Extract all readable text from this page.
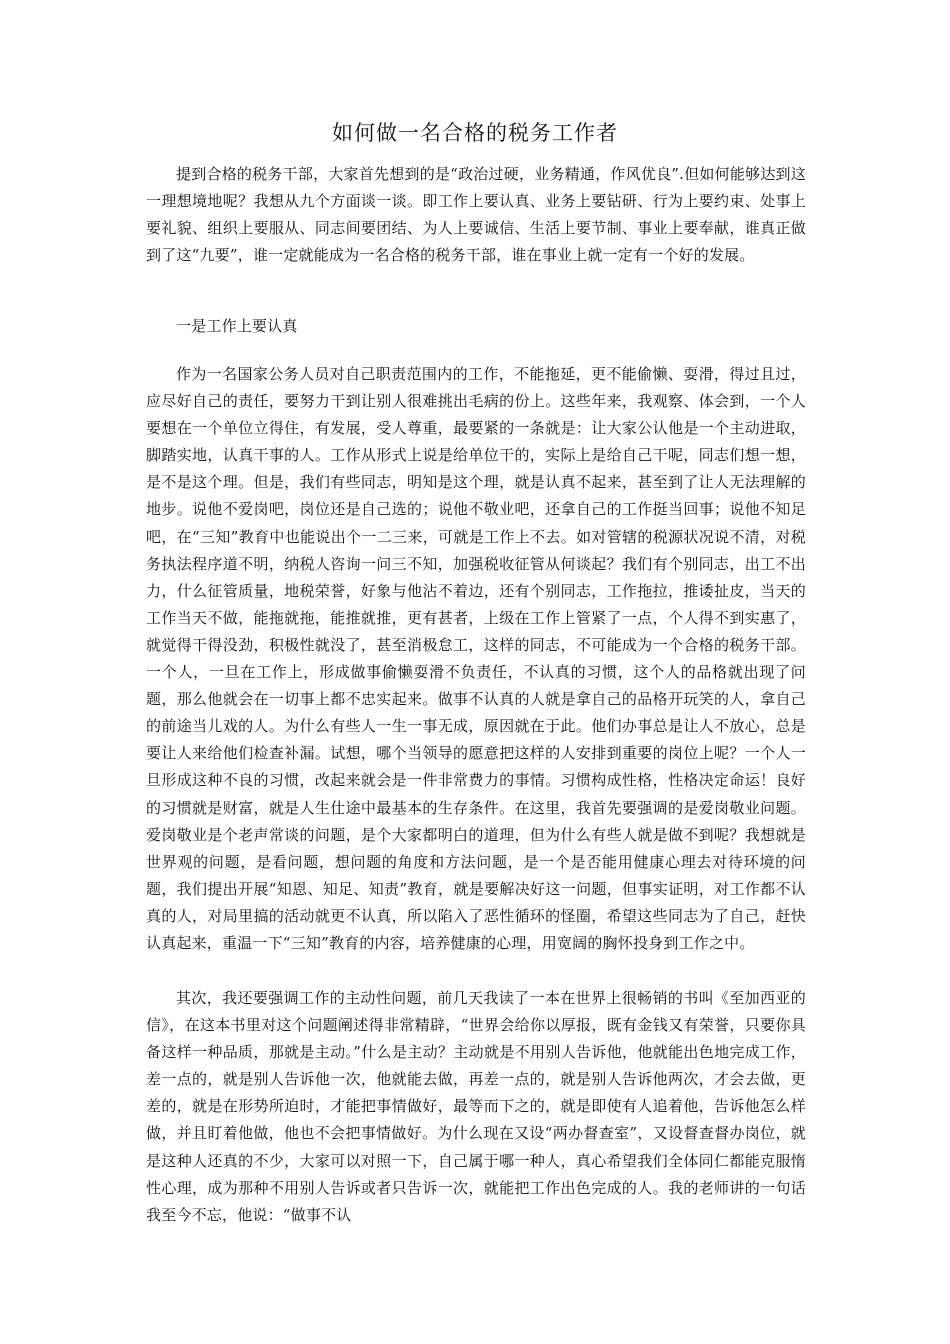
如何做一名合格的税务工作者

提到合格的税务干部，大家首先想到的是“政治过硬，业务精通，作风优良”.但如何能够达到这一理想境地呢？我想从九个方面谈一谈。即工作上要认真、业务上要钻研、行为上要约束、处事上要礼貌、组织上要服从、同志间要团结、为人上要诚信、生活上要节制、事业上要奉献，谁真正做到了这“九要”，谁一定就能成为一名合格的税务干部，谁在事业上就一定有一个好的发展。

一是工作上要认真

作为一名国家公务人员对自己职责范围内的工作，不能拖延，更不能偷懒、耍滑，得过且过，应尽好自己的责任，要努力干到让别人很难挑出毛病的份上。这些年来，我观察、体会到，一个人要想在一个单位立得住，有发展，受人尊重，最要紧的一条就是：让大家公认他是一个主动进取，脚踏实地，认真干事的人。工作从形式上说是给单位干的，实际上是给自己干呢，同志们想一想，是不是这个理。但是，我们有些同志，明知是这个理，就是认真不起来，甚至到了让人无法理解的地步。说他不爱岗吧，岗位还是自己选的；说他不敬业吧，还拿自己的工作挺当回事；说他不知足吧，在“三知”教育中也能说出个一二三来，可就是工作上不去。如对管辖的税源状况说不清，对税务执法程序道不明，纳税人咨询一问三不知，加强税收征管从何谈起？我们有个别同志，出工不出力，什么征管质量，地税荣誉，好象与他沾不着边，还有个别同志，工作拖拉，推诿扯皮，当天的工作当天不做，能拖就拖，能推就推，更有甚者，上级在工作上管紧了一点，个人得不到实惠了，就觉得干得没劲，积极性就没了，甚至消极怠工，这样的同志，不可能成为一个合格的税务干部。一个人，一旦在工作上，形成做事偷懒耍滑不负责任，不认真的习惯，这个人的品格就出现了问题，那么他就会在一切事上都不忠实起来。做事不认真的人就是拿自己的品格开玩笑的人，拿自己的前途当儿戏的人。为什么有些人一生一事无成，原因就在于此。他们办事总是让人不放心，总是要让人来给他们检查补漏。试想，哪个当领导的愿意把这样的人安排到重要的岗位上呢？一个人一旦形成这种不良的习惯，改起来就会是一件非常费力的事情。习惯构成性格，性格决定命运！良好的习惯就是财富，就是人生仕途中最基本的生存条件。在这里，我首先要强调的是爱岗敬业问题。爱岗敬业是个老声常谈的问题，是个大家都明白的道理，但为什么有些人就是做不到呢？我想就是世界观的问题，是看问题，想问题的角度和方法问题，是一个是否能用健康心理去对待环境的问题，我们提出开展“知恩、知足、知责”教育，就是要解决好这一问题，但事实证明，对工作都不认真的人，对局里搞的活动就更不认真，所以陷入了恶性循环的怪圈，希望这些同志为了自己，赶快认真起来，重温一下“三知”教育的内容，培养健康的心理，用宽阔的胸怀投身到工作之中。

其次，我还要强调工作的主动性问题，前几天我读了一本在世界上很畅销的书叫《至加西亚的信》，在这本书里对这个问题阐述得非常精辟，“世界会给你以厚报，既有金钱又有荣誉，只要你具备这样一种品质，那就是主动。”什么是主动？主动就是不用别人告诉他，他就能出色地完成工作，差一点的，就是别人告诉他一次，他就能去做，再差一点的，就是别人告诉他两次，才会去做，更差的，就是在形势所迫时，才能把事情做好，最等而下之的，就是即使有人追着他，告诉他怎么样做，并且盯着他做，他也不会把事情做好。为什么现在又设“两办督查室”，又设督查督办岗位，就是这种人还真的不少，大家可以对照一下，自己属于哪一种人，真心希望我们全体同仁都能克服惰性心理，成为那种不用别人告诉或者只告诉一次，就能把工作出色完成的人。我的老师讲的一句话我至今不忘，他说：“做事不认
